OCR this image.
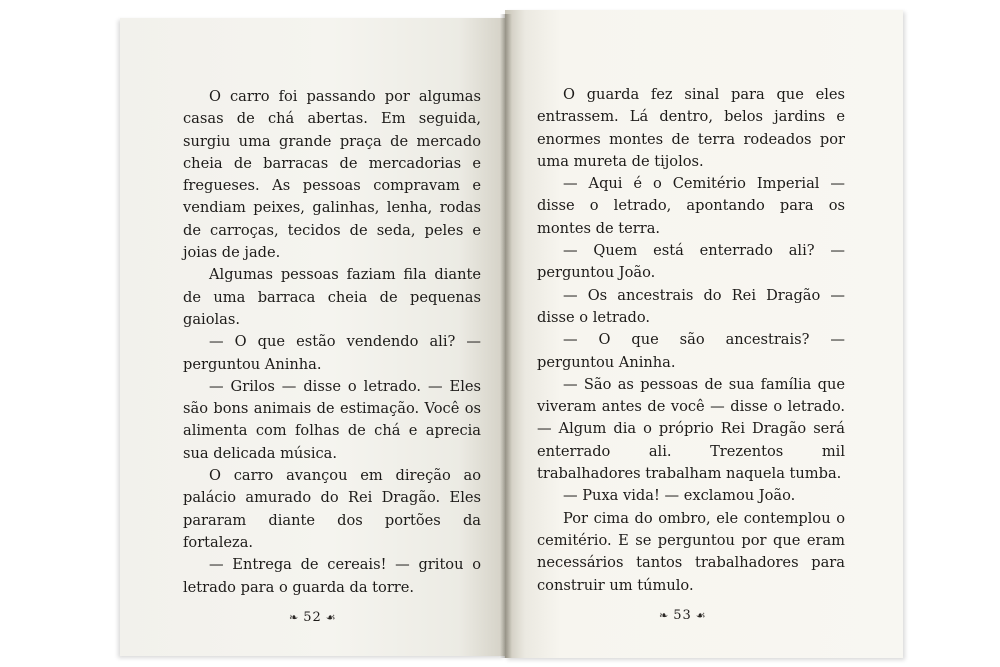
O carro foi passando por algumas casas de chá abertas. Em seguida, surgiu uma grande praça de mercado cheia de barracas de mercadorias e fregueses. As pessoas compravam e vendiam peixes, galinhas, lenha, rodas de carroças, tecidos de seda, peles e joias de jade.

Algumas pessoas faziam fila diante de uma barraca cheia de pequenas gaiolas.

— O que estão vendendo ali? — perguntou Aninha.

— Grilos — disse o letrado. — Eles são bons animais de estimação. Você os alimenta com folhas de chá e aprecia sua delicada música.

O carro avançou em direção ao palácio amurado do Rei Dragão. Eles pararam diante dos portões da fortaleza.

— Entrega de cereais! — gritou o letrado para o guarda da torre.

❧ 52 ☙

O guarda fez sinal para que eles entrassem. Lá dentro, belos jardins e enormes montes de terra rodeados por uma mureta de tijolos.

— Aqui é o Cemitério Imperial — disse o letrado, apontando para os montes de terra.

— Quem está enterrado ali? — perguntou João.

— Os ancestrais do Rei Dragão — disse o letrado.

— O que são ancestrais? — perguntou Aninha.

— São as pessoas de sua família que viveram antes de você — disse o letrado. — Algum dia o próprio Rei Dragão será enterrado ali. Trezentos mil trabalhadores trabalham naquela tumba.

— Puxa vida! — exclamou João.

Por cima do ombro, ele contemplou o cemitério. E se perguntou por que eram necessários tantos trabalhadores para construir um túmulo.

❧ 53 ☙
